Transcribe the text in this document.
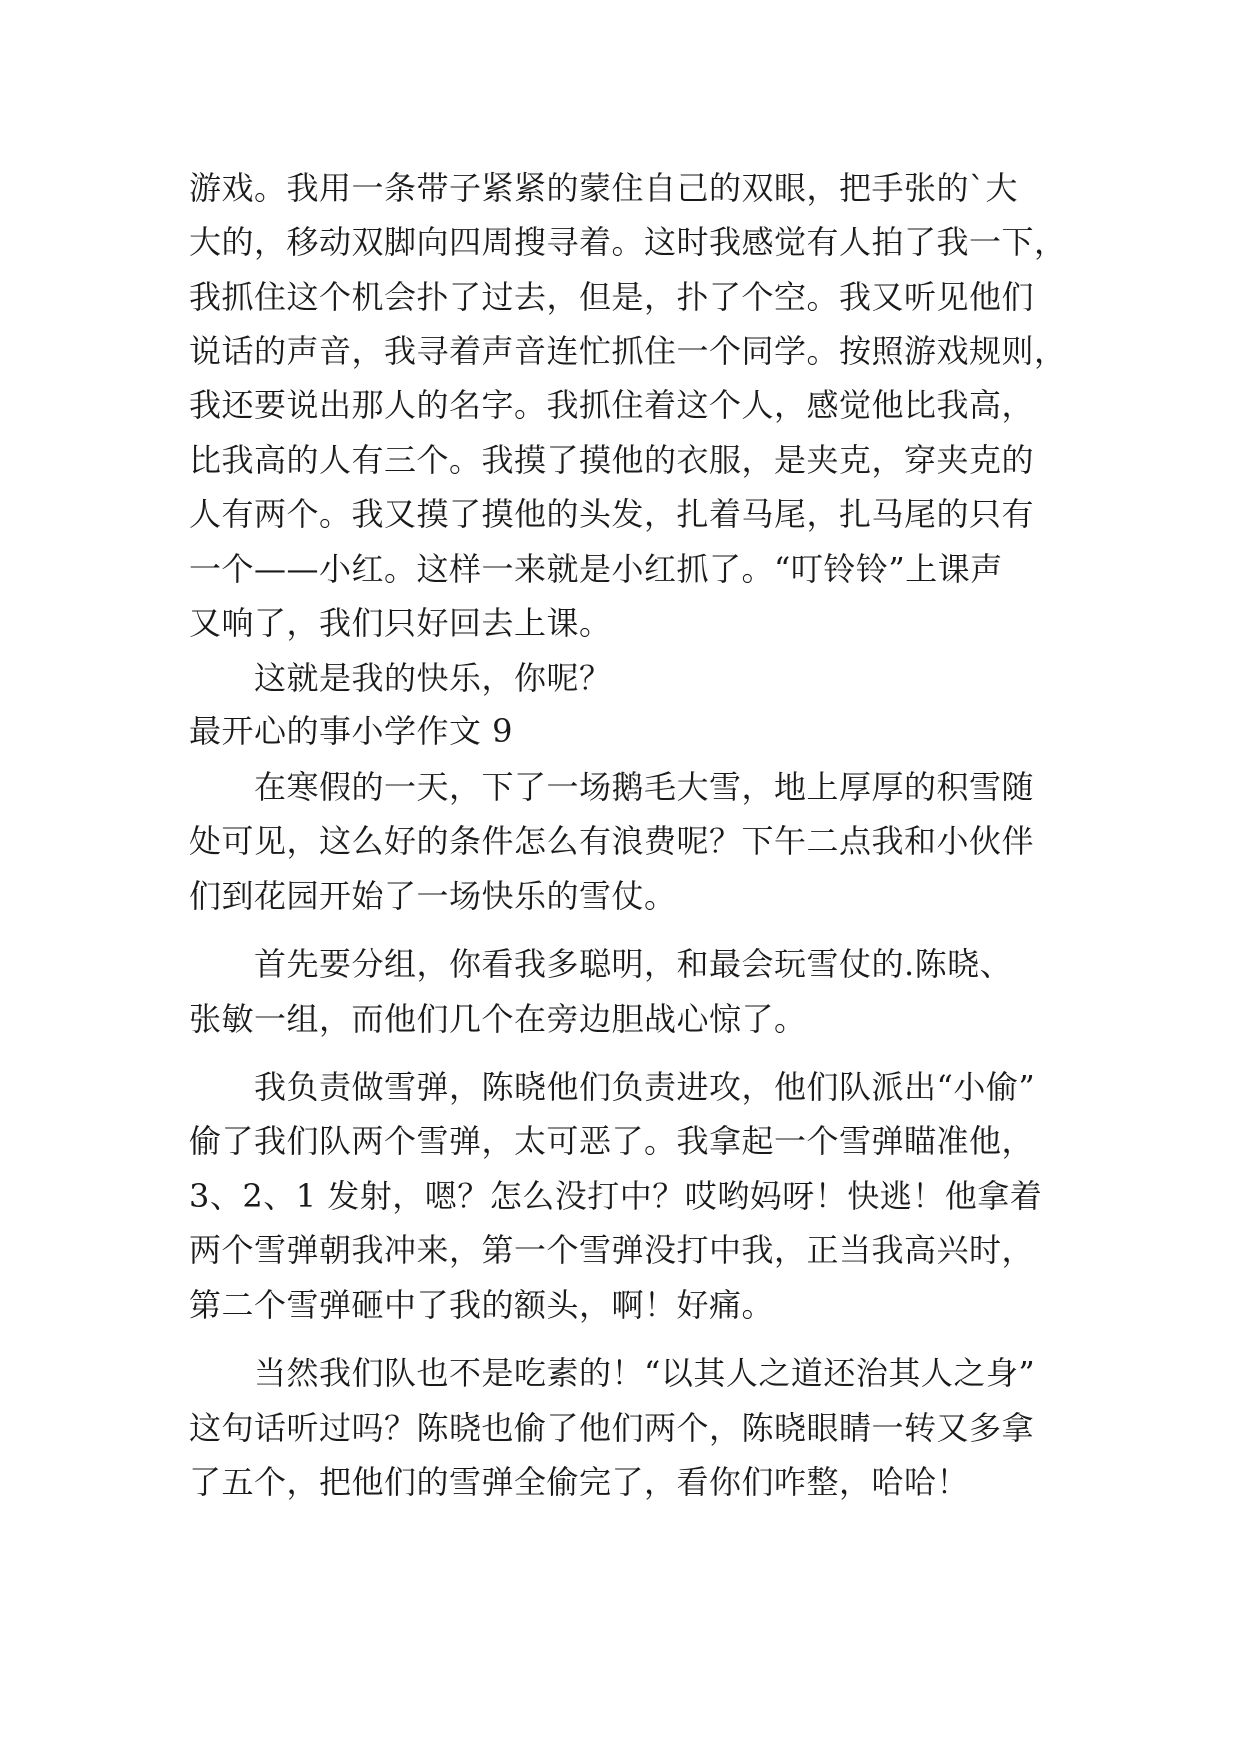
游戏。我用一条带子紧紧的蒙住自己的双眼，把手张的`大
大的，移动双脚向四周搜寻着。这时我感觉有人拍了我一下，
我抓住这个机会扑了过去，但是，扑了个空。我又听见他们
说话的声音，我寻着声音连忙抓住一个同学。按照游戏规则，
我还要说出那人的名字。我抓住着这个人，感觉他比我高，
比我高的人有三个。我摸了摸他的衣服，是夹克，穿夹克的
人有两个。我又摸了摸他的头发，扎着马尾，扎马尾的只有
一个——小红。这样一来就是小红抓了。“叮铃铃”上课声
又响了，我们只好回去上课。
这就是我的快乐，你呢？
最开心的事小学作文 9
在寒假的一天，下了一场鹅毛大雪，地上厚厚的积雪随
处可见，这么好的条件怎么有浪费呢？下午二点我和小伙伴
们到花园开始了一场快乐的雪仗。
首先要分组，你看我多聪明，和最会玩雪仗的.陈晓、
张敏一组，而他们几个在旁边胆战心惊了。
我负责做雪弹，陈晓他们负责进攻，他们队派出“小偷”
偷了我们队两个雪弹，太可恶了。我拿起一个雪弹瞄准他，
3、2、1 发射，嗯？怎么没打中？哎哟妈呀！快逃！他拿着
两个雪弹朝我冲来，第一个雪弹没打中我，正当我高兴时，
第二个雪弹砸中了我的额头，啊！好痛。
当然我们队也不是吃素的！“以其人之道还治其人之身”
这句话听过吗？陈晓也偷了他们两个，陈晓眼睛一转又多拿
了五个，把他们的雪弹全偷完了，看你们咋整，哈哈！
